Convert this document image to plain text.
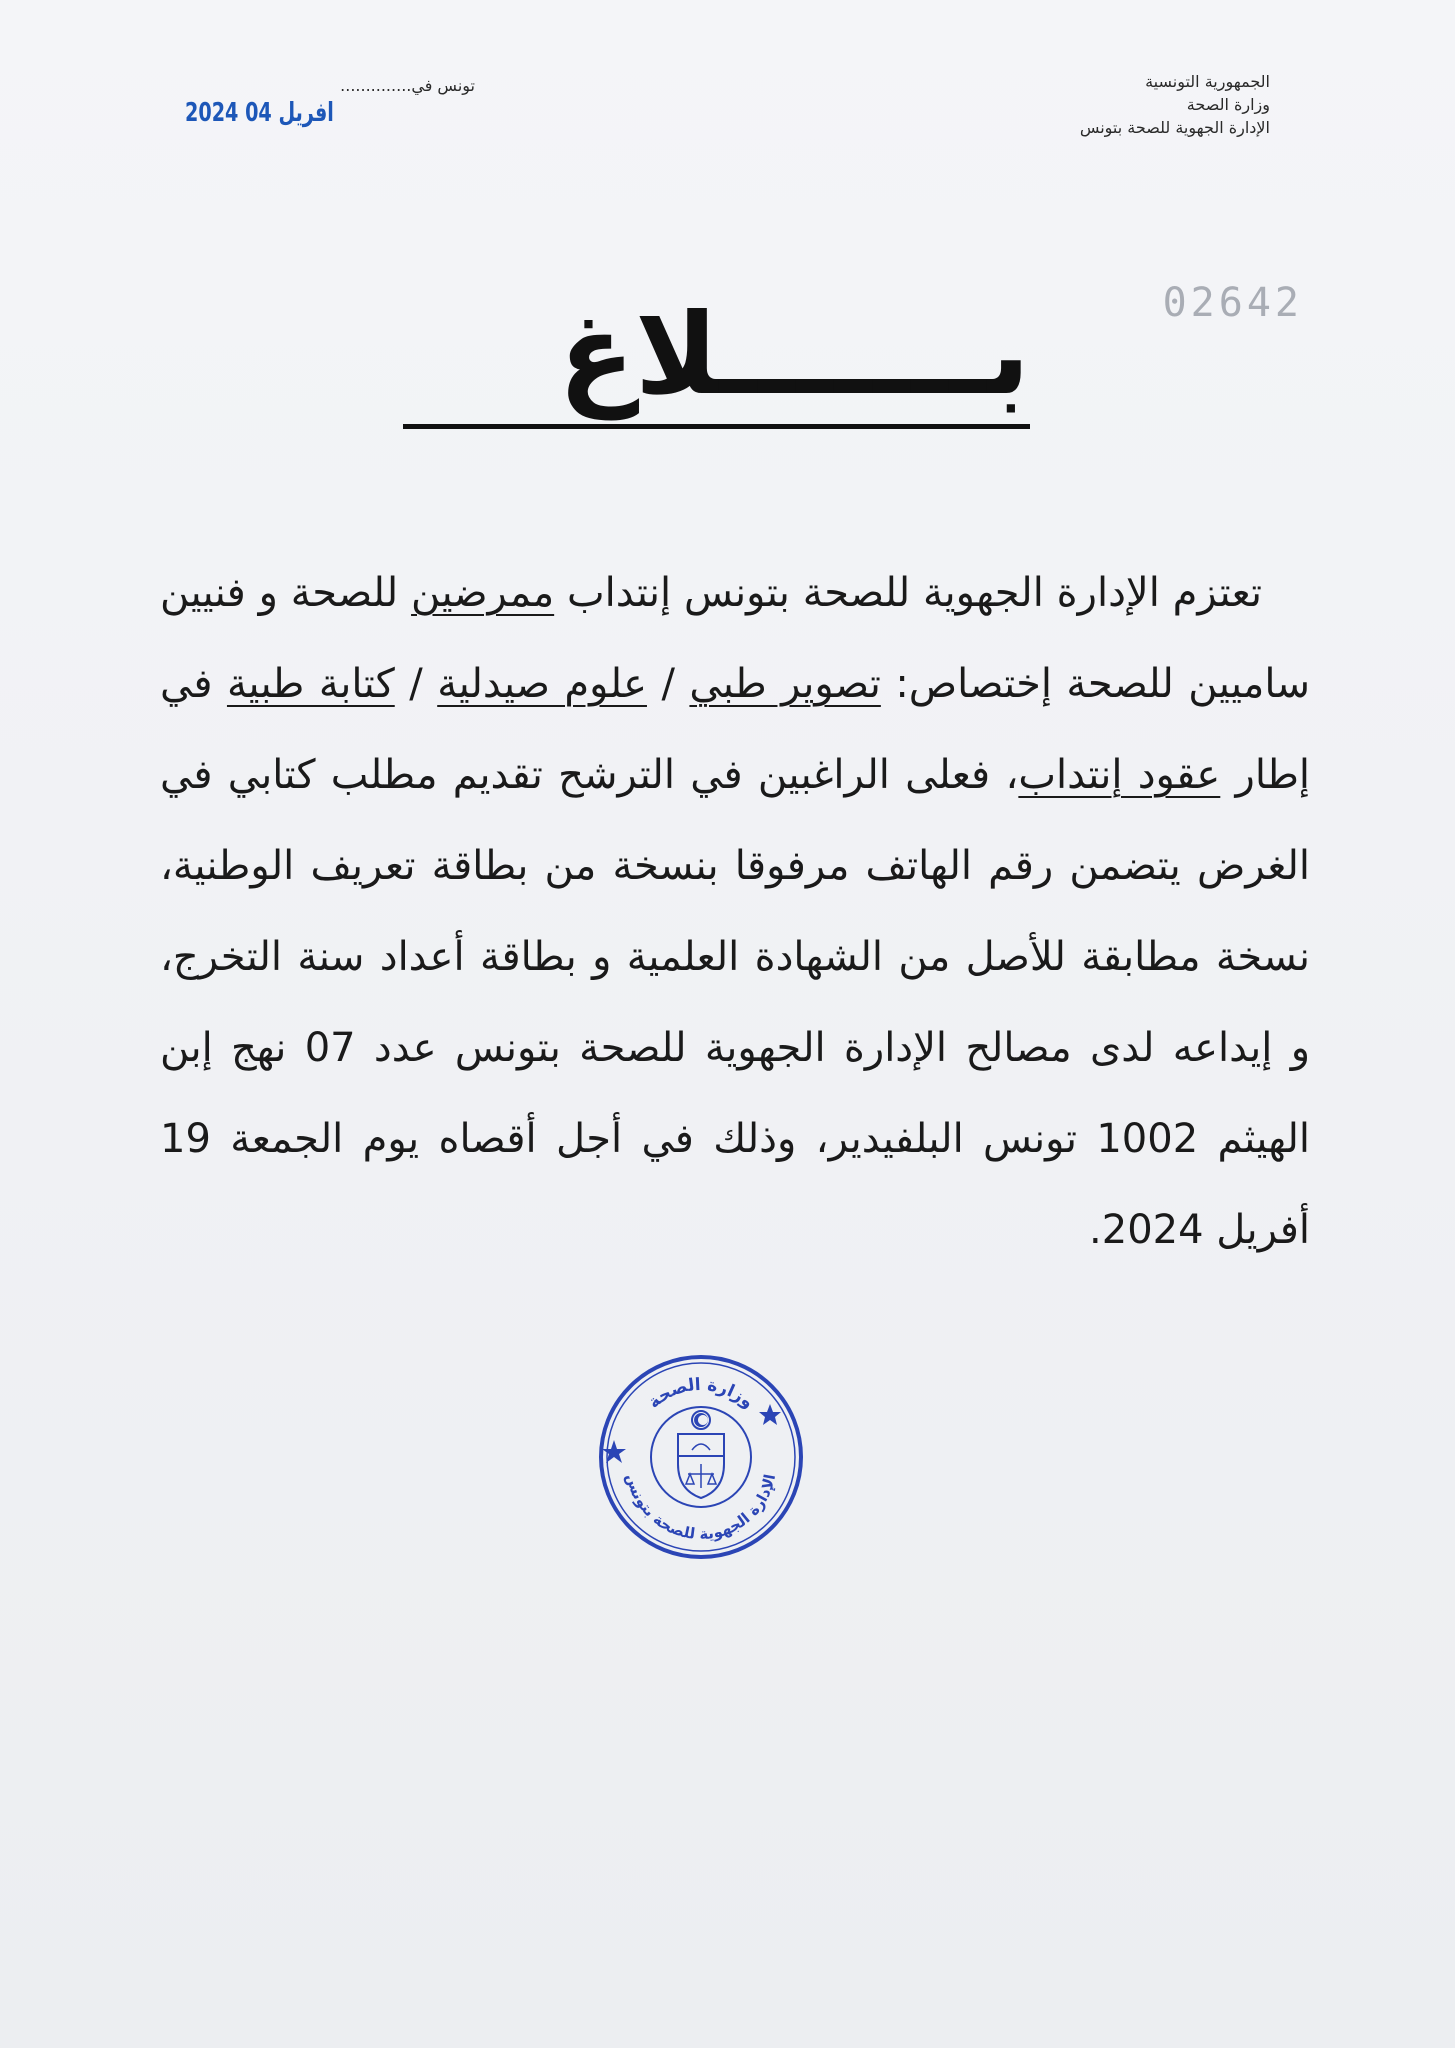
الجمهورية التونسية
وزارة الصحة
الإدارة الجهوية للصحة بتونس
تونس في..............
2024 افريل 04
02642
بـــــــلاغ

تعتزم الإدارة الجهوية للصحة بتونس إنتداب ممرضين للصحة و فنيين ساميين للصحة إختصاص: تصوير طبي / علوم صيدلية / كتابة طبية في إطار عقود إنتداب، فعلى الراغبين في الترشح تقديم مطلب كتابي في الغرض يتضمن رقم الهاتف مرفوقا بنسخة من بطاقة تعريف الوطنية، نسخة مطابقة للأصل من الشهادة العلمية و بطاقة أعداد سنة التخرج، و إيداعه لدى مصالح الإدارة الجهوية للصحة بتونس عدد 07 نهج إبن الهيثم 1002 تونس البلفيدير، وذلك في أجل أقصاه يوم الجمعة 19 أفريل 2024.

وزارة الصحة
الإدارة الجهوية للصحة بتونس
